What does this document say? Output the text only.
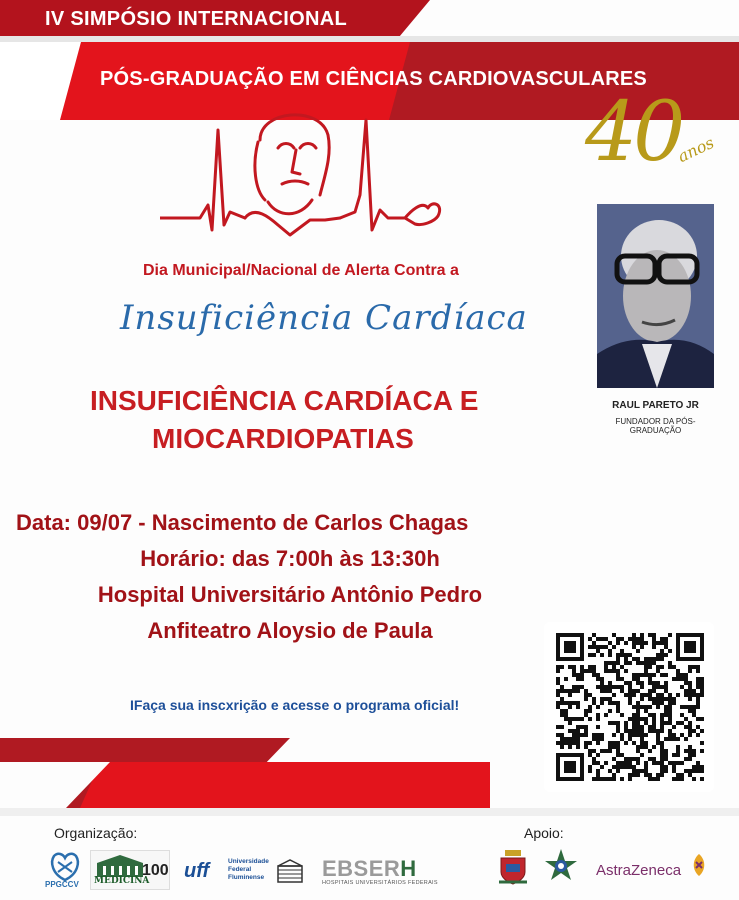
IV SIMPÓSIO INTERNACIONAL
PÓS-GRADUAÇÃO EM CIÊNCIAS CARDIOVASCULARES
40
anos
Dia Municipal/Nacional de Alerta Contra a
Insuficiência Cardíaca
RAUL PARETO JR
FUNDADOR DA PÓS-GRADUAÇÃO
INSUFICIÊNCIA CARDÍACA E
MIOCARDIOPATIAS
Data: 09/07 - Nascimento de Carlos Chagas
Horário: das 7:00h às 13:30h
Hospital Universitário Antônio Pedro
Anfiteatro Aloysio de Paula
IFaça sua inscxrição e acesse o programa oficial!
Organização:	Apoio:
PPGCCV MEDICINA
100 uff	Universidade Federal Fluminense	EBSERH
HOSPITAIS UNIVERSITÁRIOS FEDERAIS
AstraZeneca
